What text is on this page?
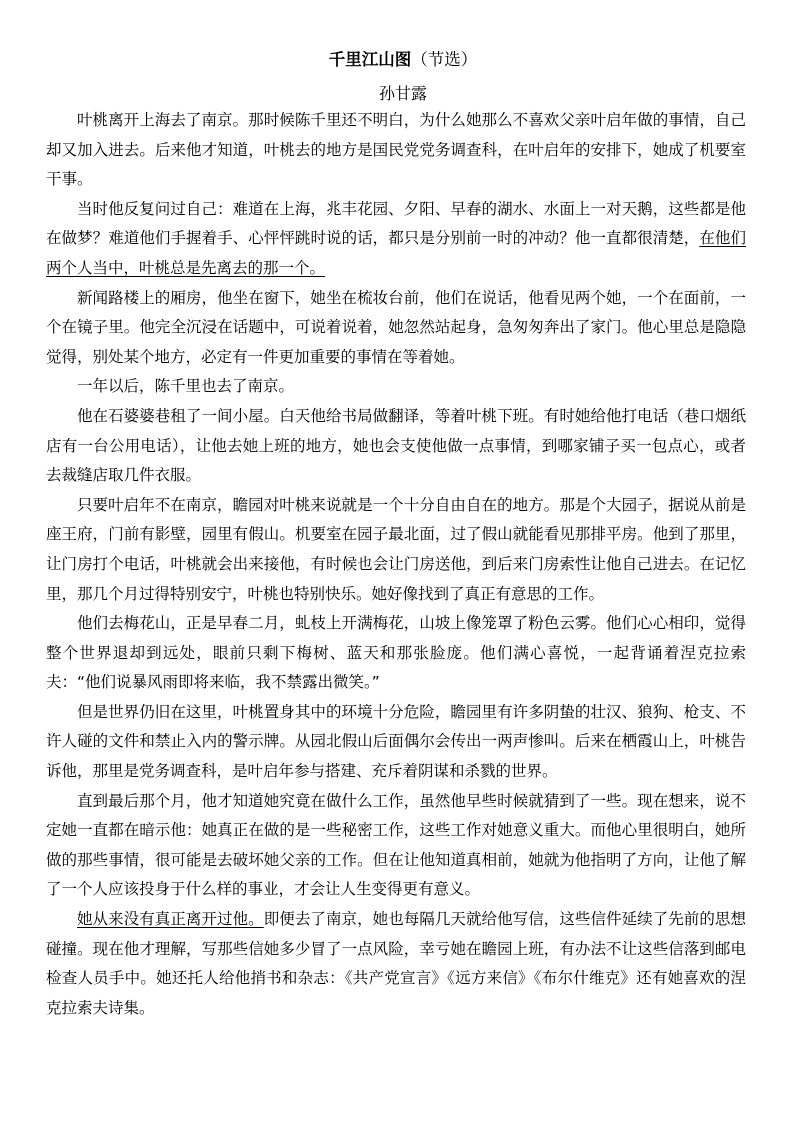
千里江山图（节选）
孙甘露

叶桃离开上海去了南京。那时候陈千里还不明白，为什么她那么不喜欢父亲叶启年做的事情，自己却又加入进去。后来他才知道，叶桃去的地方是国民党党务调查科，在叶启年的安排下，她成了机要室干事。

当时他反复问过自己：难道在上海，兆丰花园、夕阳、早春的湖水、水面上一对天鹅，这些都是他在做梦？难道他们手握着手、心怦怦跳时说的话，都只是分别前一时的冲动？他一直都很清楚，在他们两个人当中，叶桃总是先离去的那一个。

新闻路楼上的厢房，他坐在窗下，她坐在梳妆台前，他们在说话，他看见两个她，一个在面前，一个在镜子里。他完全沉浸在话题中，可说着说着，她忽然站起身，急匆匆奔出了家门。他心里总是隐隐觉得，别处某个地方，必定有一件更加重要的事情在等着她。

一年以后，陈千里也去了南京。

他在石婆婆巷租了一间小屋。白天他给书局做翻译，等着叶桃下班。有时她给他打电话（巷口烟纸店有一台公用电话），让他去她上班的地方，她也会支使他做一点事情，到哪家铺子买一包点心，或者去裁缝店取几件衣服。

只要叶启年不在南京，瞻园对叶桃来说就是一个十分自由自在的地方。那是个大园子，据说从前是座王府，门前有影壁，园里有假山。机要室在园子最北面，过了假山就能看见那排平房。他到了那里，让门房打个电话，叶桃就会出来接他，有时候也会让门房送他，到后来门房索性让他自己进去。在记忆里，那几个月过得特别安宁，叶桃也特别快乐。她好像找到了真正有意思的工作。

他们去梅花山，正是早春二月，虬枝上开满梅花，山坡上像笼罩了粉色云雾。他们心心相印，觉得整个世界退却到远处，眼前只剩下梅树、蓝天和那张脸庞。他们满心喜悦，一起背诵着涅克拉索夫：“他们说暴风雨即将来临，我不禁露出微笑。”

但是世界仍旧在这里，叶桃置身其中的环境十分危险，瞻园里有许多阴蛰的壮汉、狼狗、枪支、不许人碰的文件和禁止入内的警示牌。从园北假山后面偶尔会传出一两声惨叫。后来在栖霞山上，叶桃告诉他，那里是党务调查科，是叶启年参与搭建、充斥着阴谋和杀戮的世界。

直到最后那个月，他才知道她究竟在做什么工作，虽然他早些时候就猜到了一些。现在想来，说不定她一直都在暗示他：她真正在做的是一些秘密工作，这些工作对她意义重大。而他心里很明白，她所做的那些事情，很可能是去破坏她父亲的工作。但在让他知道真相前，她就为他指明了方向，让他了解了一个人应该投身于什么样的事业，才会让人生变得更有意义。

她从来没有真正离开过他。即便去了南京，她也每隔几天就给他写信，这些信件延续了先前的思想碰撞。现在他才理解，写那些信她多少冒了一点风险，幸亏她在瞻园上班，有办法不让这些信落到邮电检查人员手中。她还托人给他捎书和杂志：《共产党宣言》《远方来信》《布尔什维克》还有她喜欢的涅克拉索夫诗集。
